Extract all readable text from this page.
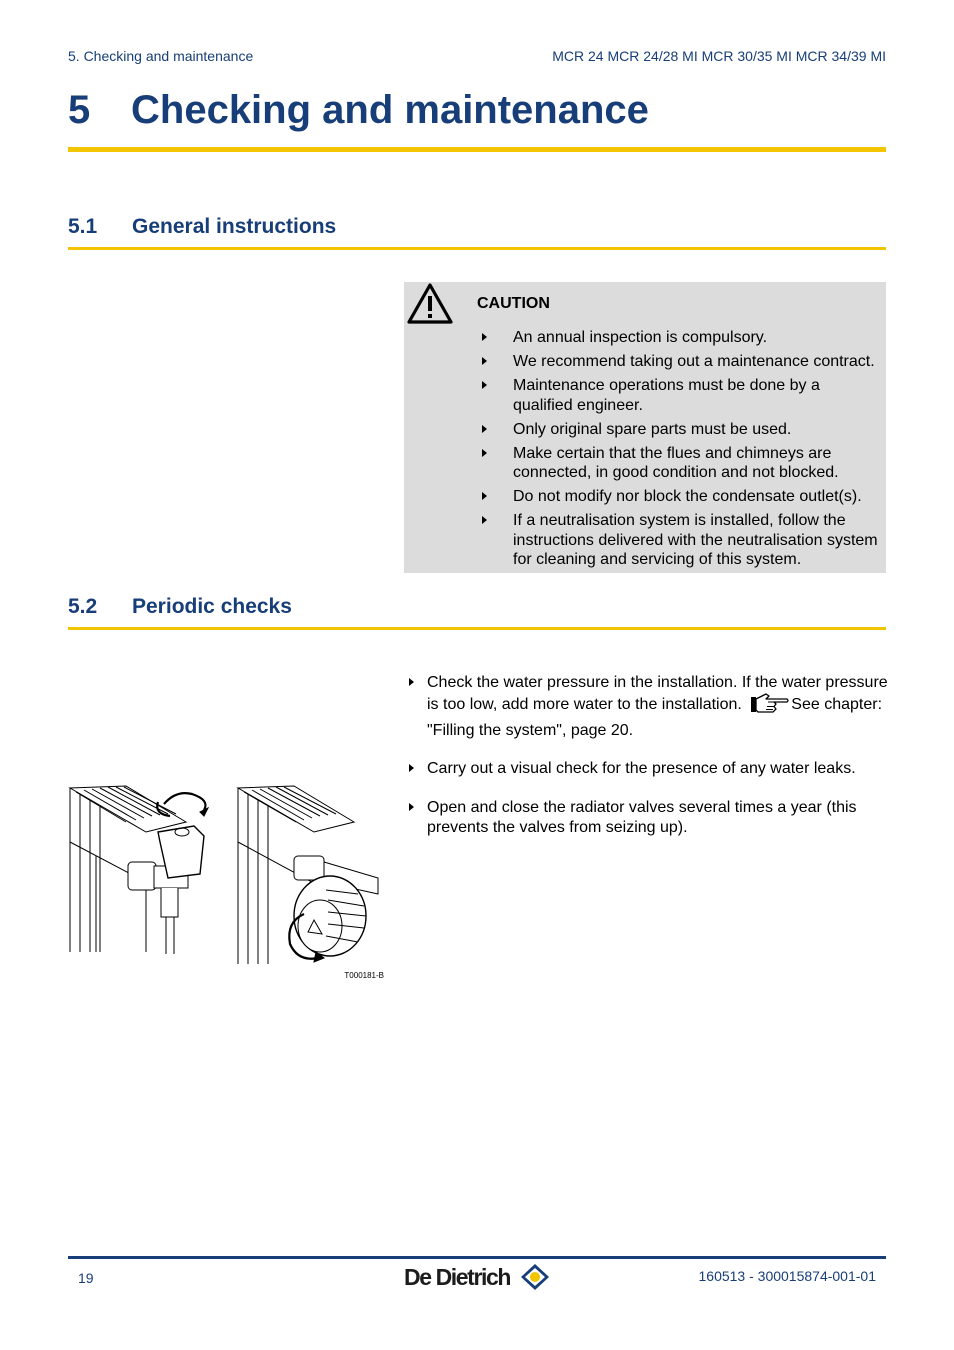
5. Checking and maintenance	MCR 24 MCR 24/28 MI MCR 30/35 MI MCR 34/39 MI
5 Checking and maintenance
5.1 General instructions
CAUTION
An annual inspection is compulsory.
We recommend taking out a maintenance contract.
Maintenance operations must be done by a qualified engineer.
Only original spare parts must be used.
Make certain that the flues and chimneys are connected, in good condition and not blocked.
Do not modify nor block the condensate outlet(s).
If a neutralisation system is installed, follow the instructions delivered with the neutralisation system for cleaning and servicing of this system.
5.2 Periodic checks
Check the water pressure in the installation. If the water pressure is too low, add more water to the installation.	See chapter: "Filling the system", page 20.
Carry out a visual check for the presence of any water leaks.
Open and close the radiator valves several times a year (this prevents the valves from seizing up).
T000181-B
19	De Dietrich	160513 - 300015874-001-01
